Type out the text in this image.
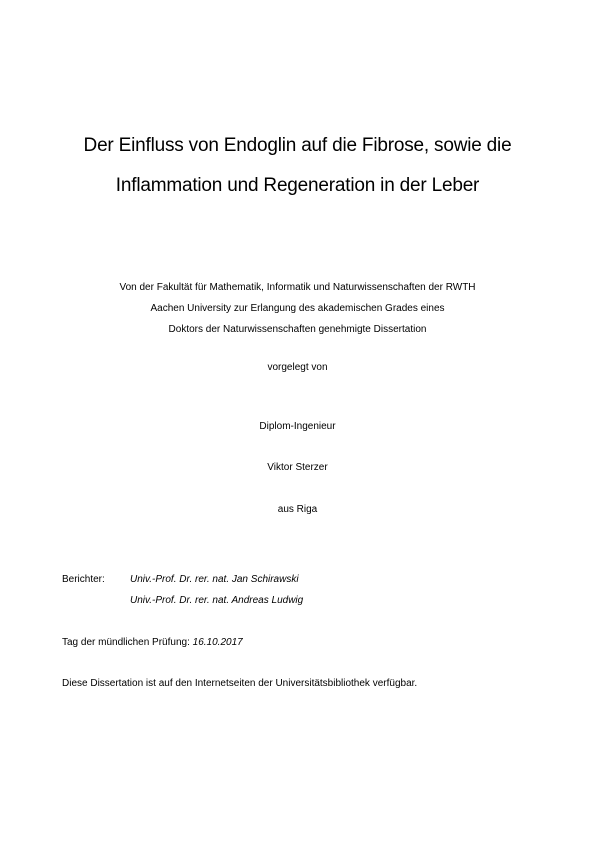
Der Einfluss von Endoglin auf die Fibrose, sowie die
Inflammation und Regeneration in der Leber
Von der Fakultät für Mathematik, Informatik und Naturwissenschaften der RWTH
Aachen University zur Erlangung des akademischen Grades eines
Doktors der Naturwissenschaften genehmigte Dissertation
vorgelegt von
Diplom-Ingenieur
Viktor Sterzer
aus Riga
Berichter:	Univ.-Prof. Dr. rer. nat. Jan Schirawski
Univ.-Prof. Dr. rer. nat. Andreas Ludwig
Tag der mündlichen Prüfung: 16.10.2017
Diese Dissertation ist auf den Internetseiten der Universitätsbibliothek verfügbar.
